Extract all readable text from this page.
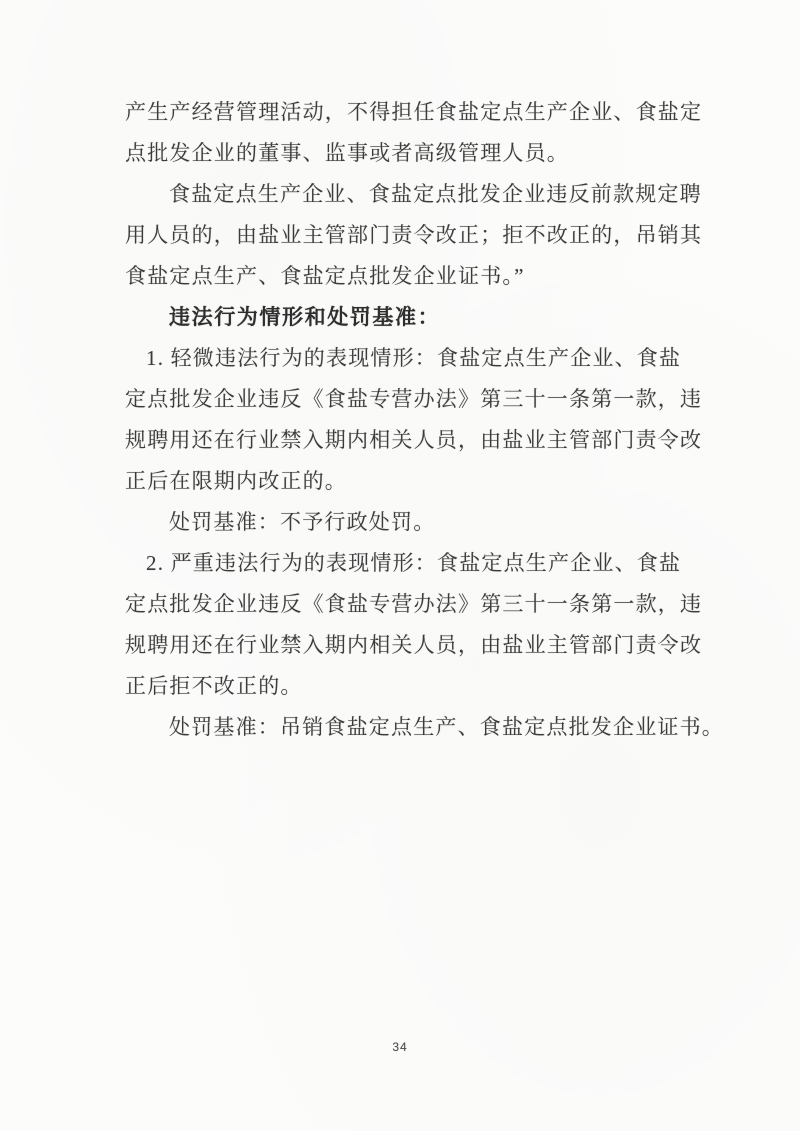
产生产经营管理活动，不得担任食盐定点生产企业、食盐定
点批发企业的董事、监事或者高级管理人员。
食盐定点生产企业、食盐定点批发企业违反前款规定聘
用人员的，由盐业主管部门责令改正；拒不改正的，吊销其
食盐定点生产、食盐定点批发企业证书。”
违法行为情形和处罚基准：
1. 轻微违法行为的表现情形：食盐定点生产企业、食盐
定点批发企业违反《食盐专营办法》第三十一条第一款，违
规聘用还在行业禁入期内相关人员，由盐业主管部门责令改
正后在限期内改正的。
处罚基准：不予行政处罚。
2. 严重违法行为的表现情形：食盐定点生产企业、食盐
定点批发企业违反《食盐专营办法》第三十一条第一款，违
规聘用还在行业禁入期内相关人员，由盐业主管部门责令改
正后拒不改正的。
处罚基准：吊销食盐定点生产、食盐定点批发企业证书。
34
